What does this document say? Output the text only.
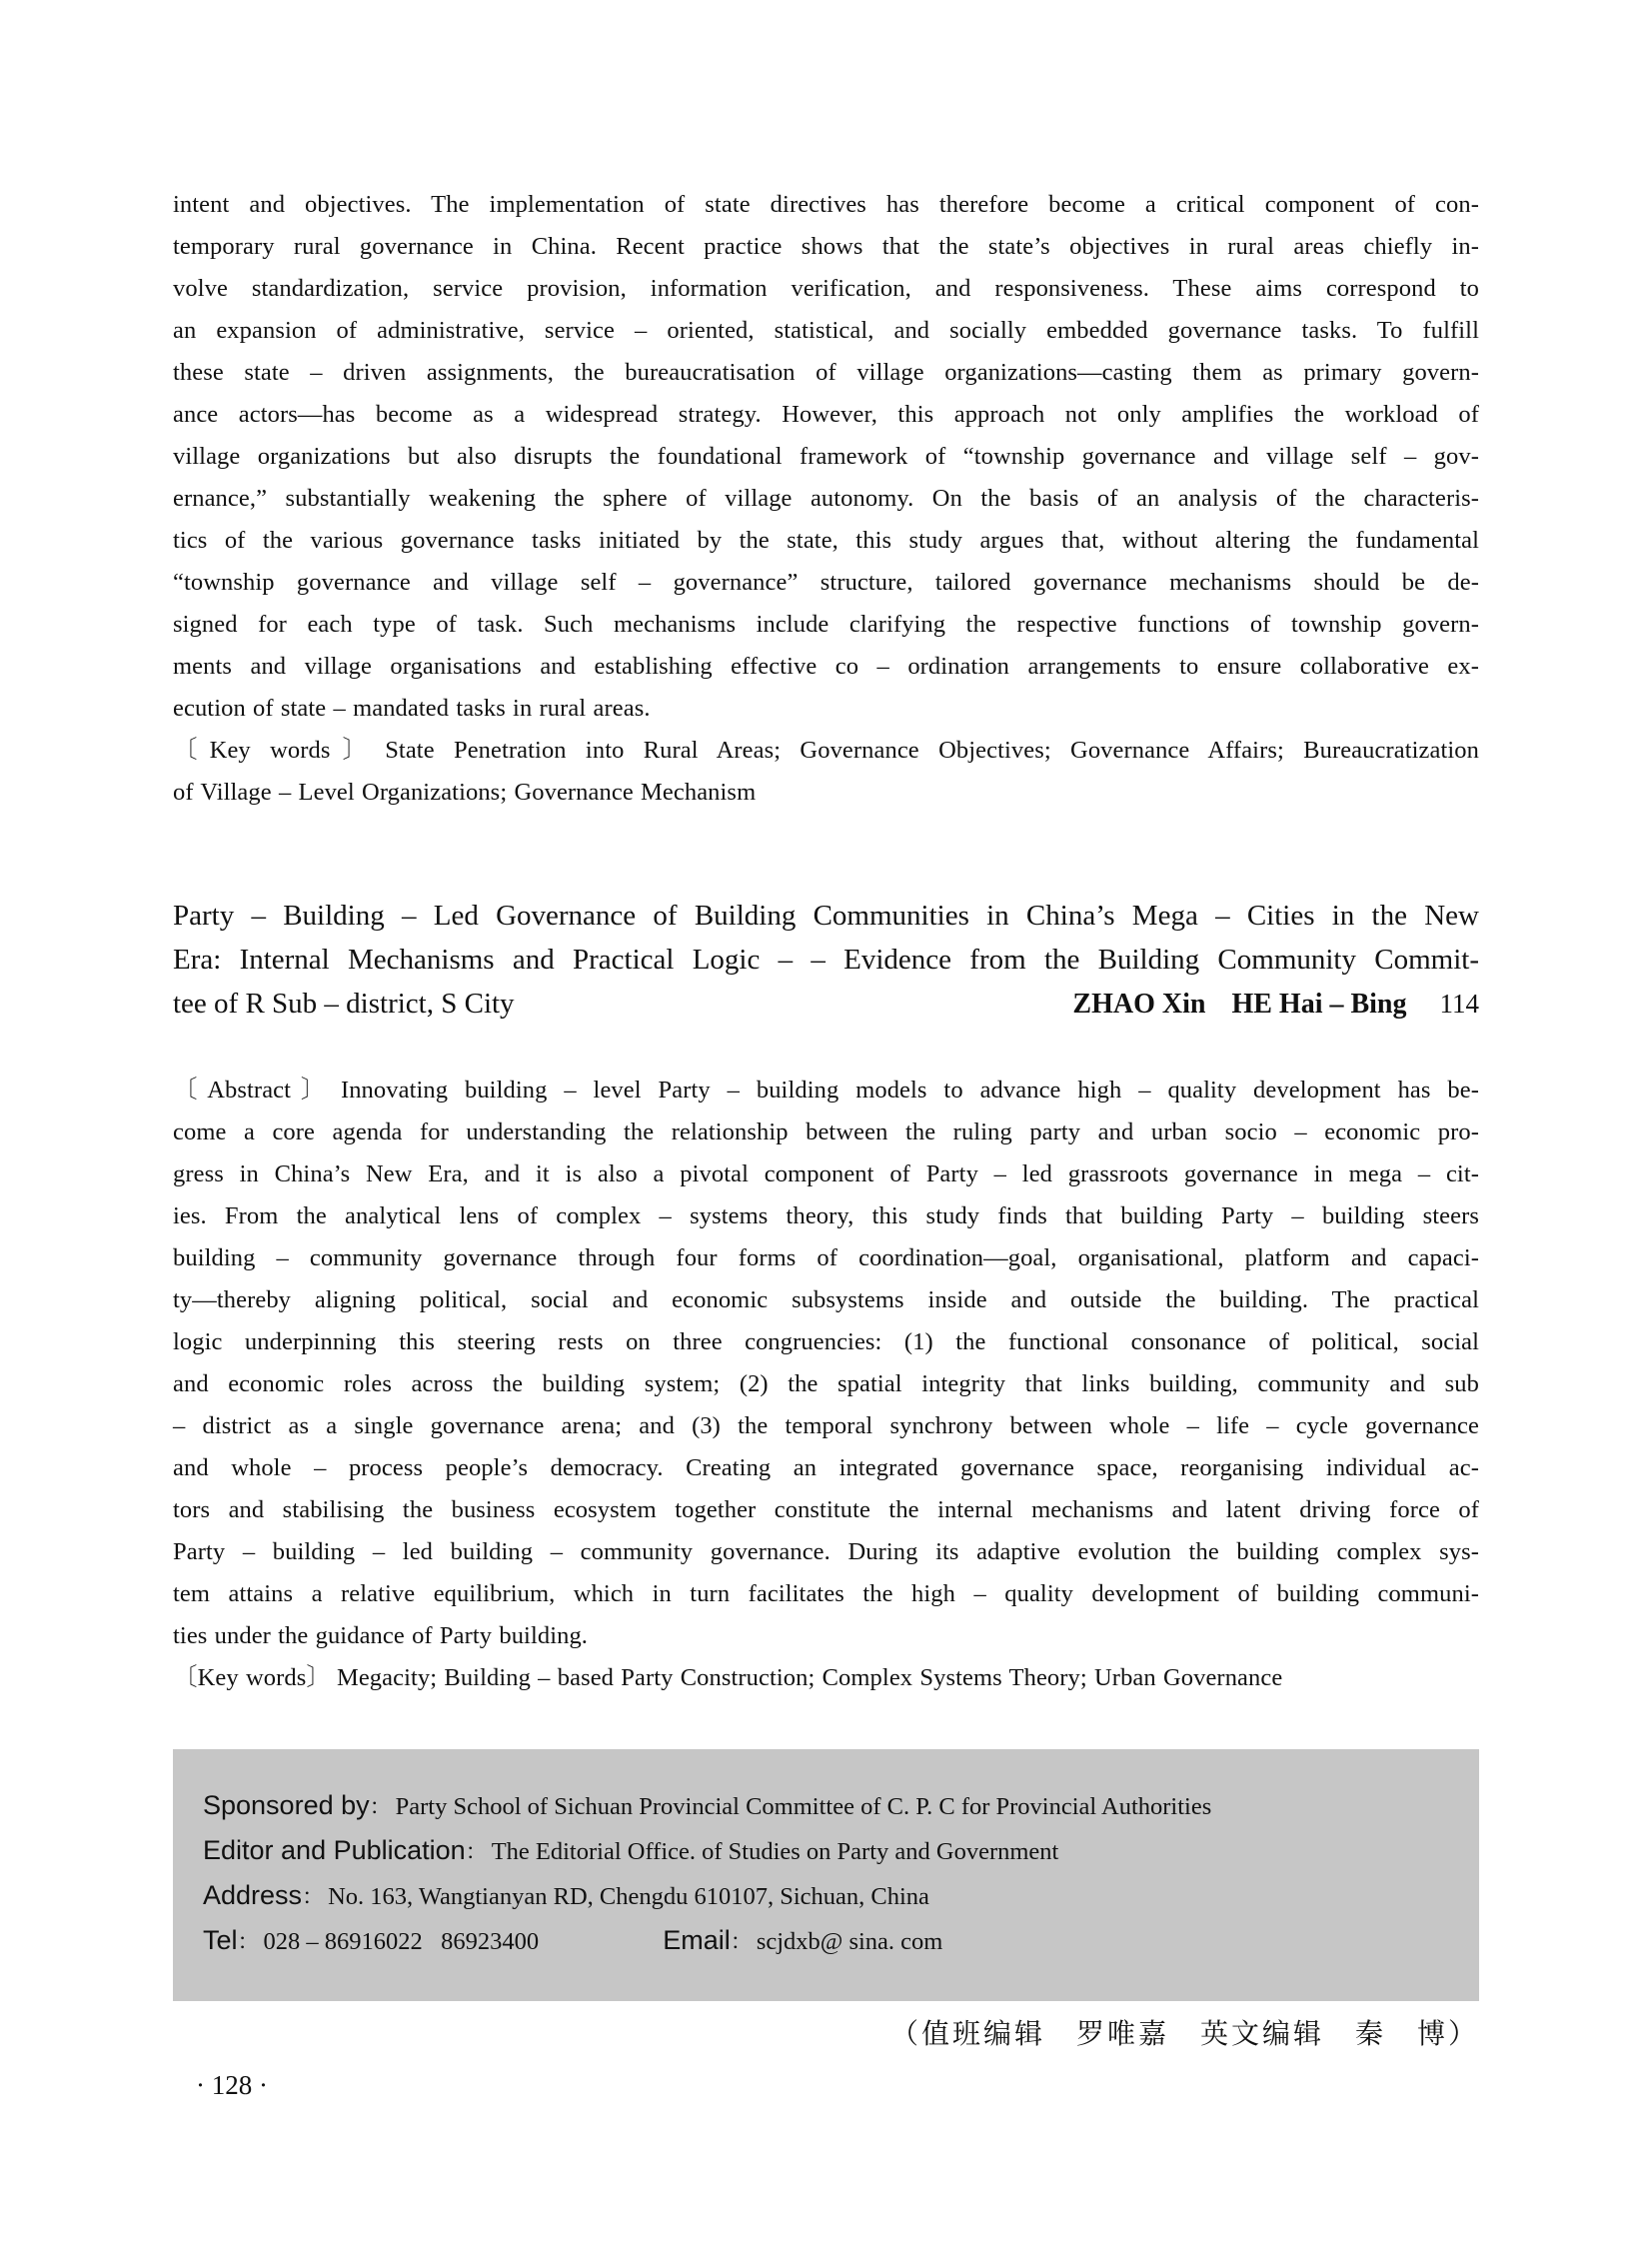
intent and objectives. The implementation of state directives has therefore become a critical component of con-
temporary rural governance in China. Recent practice shows that the state’s objectives in rural areas chiefly in-
volve standardization, service provision, information verification, and responsiveness. These aims correspond to
an expansion of administrative, service – oriented, statistical, and socially embedded governance tasks. To fulfill
these state – driven assignments, the bureaucratisation of village organizations—casting them as primary govern-
ance actors—has become as a widespread strategy. However, this approach not only amplifies the workload of
village organizations but also disrupts the foundational framework of “township governance and village self – gov-
ernance,” substantially weakening the sphere of village autonomy. On the basis of an analysis of the characteris-
tics of the various governance tasks initiated by the state, this study argues that, without altering the fundamental
“township governance and village self – governance” structure, tailored governance mechanisms should be de-
signed for each type of task. Such mechanisms include clarifying the respective functions of township govern-
ments and village organisations and establishing effective co – ordination arrangements to ensure collaborative ex-
ecution of state – mandated tasks in rural areas.
〔Key words〕 State Penetration into Rural Areas; Governance Objectives; Governance Affairs; Bureaucratization
of Village – Level Organizations; Governance Mechanism
Party – Building – Led Governance of Building Communities in China’s Mega – Cities in the New
Era: Internal Mechanisms and Practical Logic – – Evidence from the Building Community Commit-
tee of R Sub – district, S City	ZHAO Xin HE Hai – Bing 114
〔Abstract〕 Innovating building – level Party – building models to advance high – quality development has be-
come a core agenda for understanding the relationship between the ruling party and urban socio – economic pro-
gress in China’s New Era, and it is also a pivotal component of Party – led grassroots governance in mega – cit-
ies. From the analytical lens of complex – systems theory, this study finds that building Party – building steers
building – community governance through four forms of coordination—goal, organisational, platform and capaci-
ty—thereby aligning political, social and economic subsystems inside and outside the building. The practical
logic underpinning this steering rests on three congruencies: (1) the functional consonance of political, social
and economic roles across the building system; (2) the spatial integrity that links building, community and sub
– district as a single governance arena; and (3) the temporal synchrony between whole – life – cycle governance
and whole – process people’s democracy. Creating an integrated governance space, reorganising individual ac-
tors and stabilising the business ecosystem together constitute the internal mechanisms and latent driving force of
Party – building – led building – community governance. During its adaptive evolution the building complex sys-
tem attains a relative equilibrium, which in turn facilitates the high – quality development of building communi-
ties under the guidance of Party building.
〔Key words〕 Megacity; Building – based Party Construction; Complex Systems Theory; Urban Governance
Sponsored by： Party School of Sichuan Provincial Committee of C. P. C for Provincial Authorities
Editor and Publication： The Editorial Office. of Studies on Party and Government
Address： No. 163, Wangtianyan RD, Chengdu 610107, Sichuan, China
Tel： 028 – 86916022   86923400	Email： scjdxb@ sina. com
（值班编辑　罗唯嘉　英文编辑　秦　博）
· 128 ·
